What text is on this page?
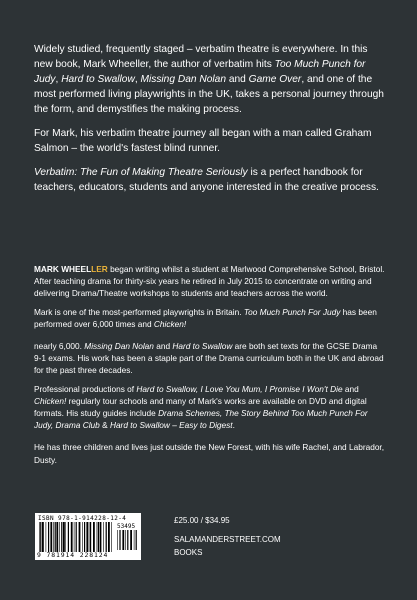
Widely studied, frequently staged – verbatim theatre is everywhere. In this new book, Mark Wheeller, the author of verbatim hits Too Much Punch for Judy, Hard to Swallow, Missing Dan Nolan and Game Over, and one of the most performed living playwrights in the UK, takes a personal journey through the form, and demystifies the making process.

For Mark, his verbatim theatre journey all began with a man called Graham Salmon – the world's fastest blind runner.

Verbatim: The Fun of Making Theatre Seriously is a perfect handbook for teachers, educators, students and anyone interested in the creative process.

MARK WHEELLER began writing whilst a student at Marlwood Comprehensive School, Bristol. After teaching drama for thirty-six years he retired in July 2015 to concentrate on writing and delivering Drama/Theatre workshops to students and teachers across the world.

Mark is one of the most-performed playwrights in Britain. Too Much Punch For Judy has been performed over 6,000 times and Chicken!

nearly 6,000. Missing Dan Nolan and Hard to Swallow are both set texts for the GCSE Drama 9-1 exams. His work has been a staple part of the Drama curriculum both in the UK and abroad for the past three decades.

Professional productions of Hard to Swallow, I Love You Mum, I Promise I Won't Die and Chicken! regularly tour schools and many of Mark's works are available on DVD and digital formats. His study guides include Drama Schemes, The Story Behind Too Much Punch For Judy, Drama Club & Hard to Swallow – Easy to Digest.

He has three children and lives just outside the New Forest, with his wife Rachel, and Labrador, Dusty.

ISBN 978-1-914228-12-4
53495
9 781914 228124
£25.00 / $34.95
SALAMANDERSTREET.COM
BOOKS
